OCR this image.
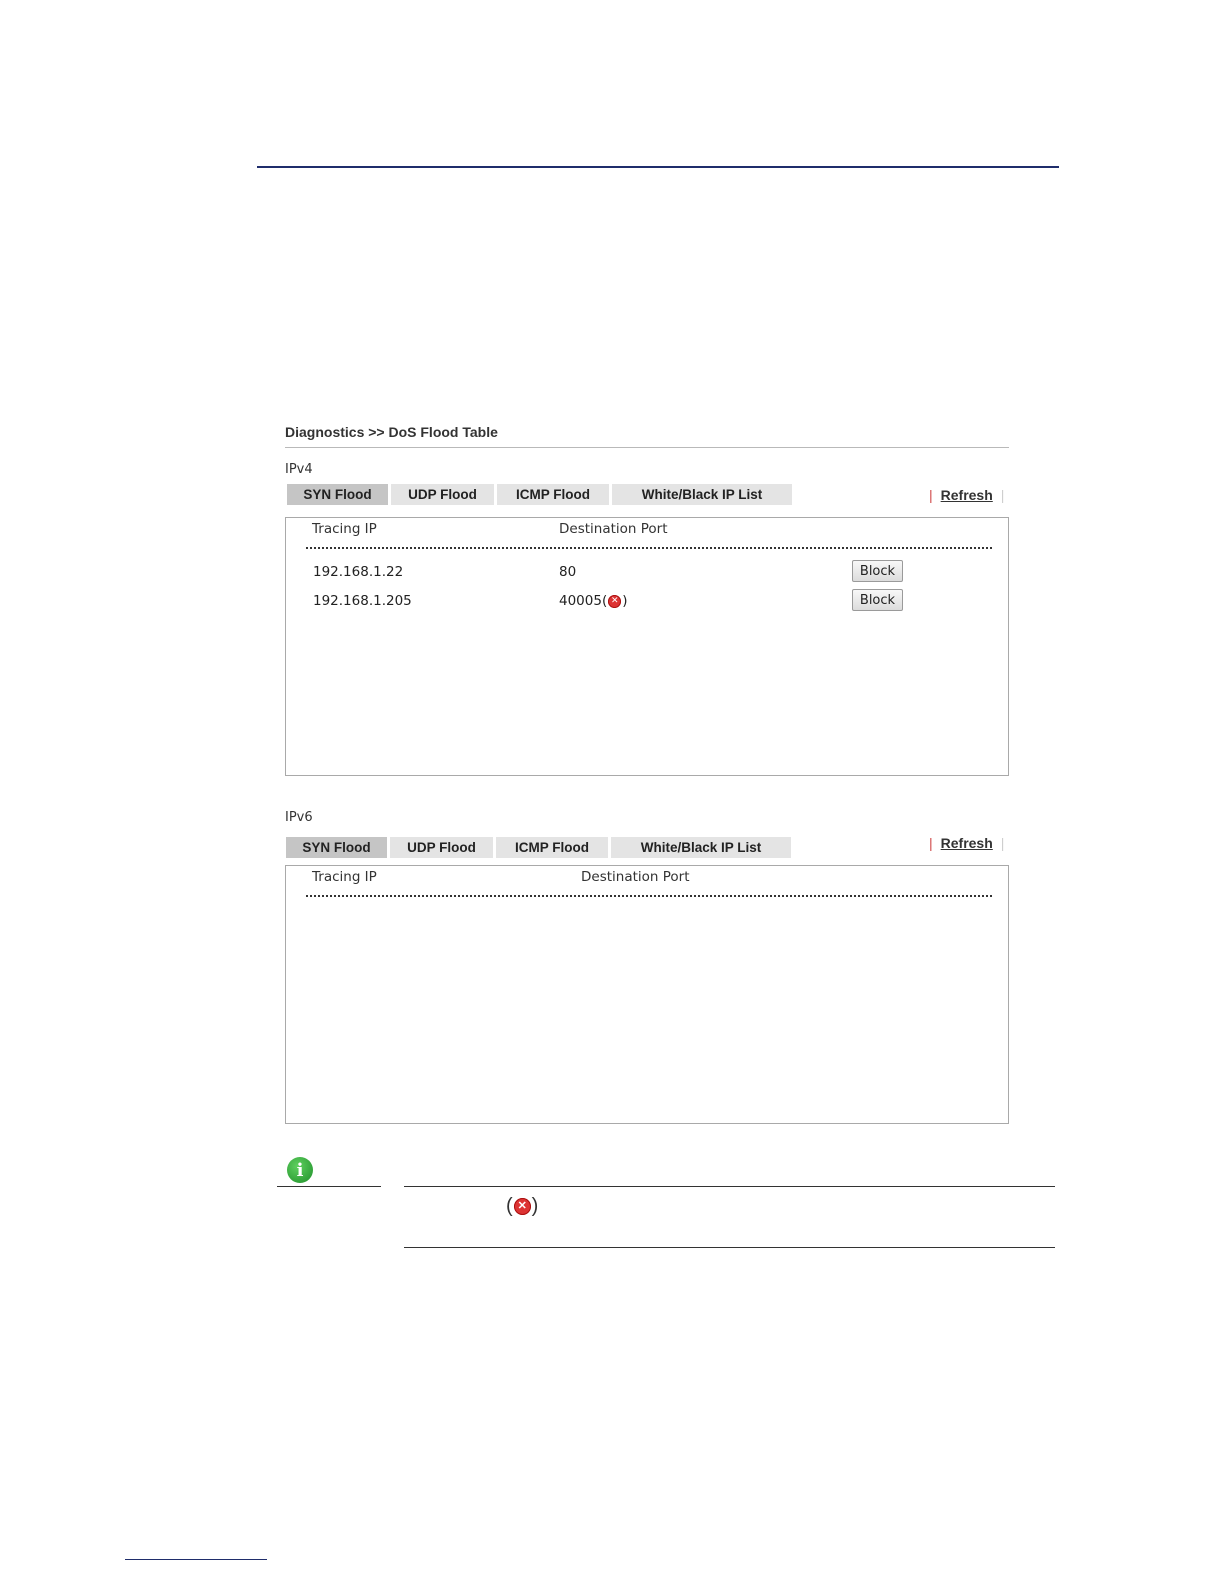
Diagnostics >> DoS Flood Table
IPv4
SYN Flood	UDP Flood	ICMP Flood	White/Black IP List	| Refresh |
Tracing IP	Destination Port
192.168.1.22	80	Block
192.168.1.205	40005( ✕ )	Block
IPv6
SYN Flood	UDP Flood	ICMP Flood	White/Black IP List	| Refresh |
Tracing IP	Destination Port
i
( ✕ )
